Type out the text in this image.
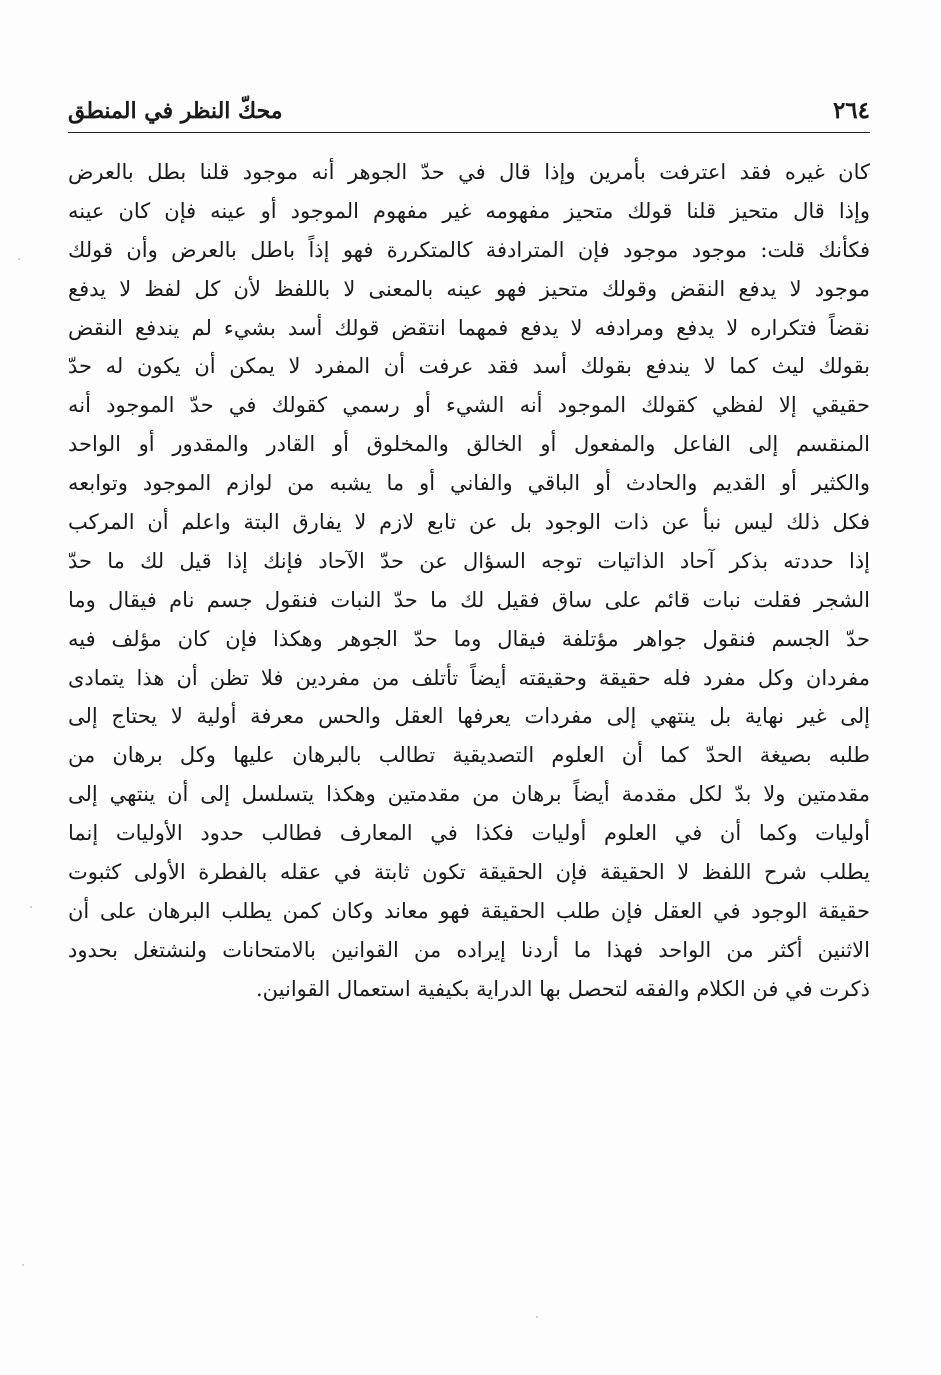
٢٦٤
محكّ النظر في المنطق
كان غيره فقد اعترفت بأمرين وإذا قال في حدّ الجوهر أنه موجود قلنا بطل بالعرض
وإذا قال متحيز قلنا قولك متحيز مفهومه غير مفهوم الموجود أو عينه فإن كان عينه
فكأنك قلت: موجود موجود فإن المترادفة كالمتكررة فهو إذاً باطل بالعرض وأن قولك
موجود لا يدفع النقض وقولك متحيز فهو عينه بالمعنى لا باللفظ لأن كل لفظ لا يدفع
نقضاً فتكراره لا يدفع ومرادفه لا يدفع فمهما انتقض قولك أسد بشيء لم يندفع النقض
بقولك ليث كما لا يندفع بقولك أسد فقد عرفت أن المفرد لا يمكن أن يكون له حدّ
حقيقي إلا لفظي كقولك الموجود أنه الشيء أو رسمي كقولك في حدّ الموجود أنه
المنقسم إلى الفاعل والمفعول أو الخالق والمخلوق أو القادر والمقدور أو الواحد
والكثير أو القديم والحادث أو الباقي والفاني أو ما يشبه من لوازم الموجود وتوابعه
فكل ذلك ليس نبأ عن ذات الوجود بل عن تابع لازم لا يفارق البتة واعلم أن المركب
إذا حددته بذكر آحاد الذاتيات توجه السؤال عن حدّ الآحاد فإنك إذا قيل لك ما حدّ
الشجر فقلت نبات قائم على ساق فقيل لك ما حدّ النبات فنقول جسم نام فيقال وما
حدّ الجسم فنقول جواهر مؤتلفة فيقال وما حدّ الجوهر وهكذا فإن كان مؤلف فيه
مفردان وكل مفرد فله حقيقة وحقيقته أيضاً تأتلف من مفردين فلا تظن أن هذا يتمادى
إلى غير نهاية بل ينتهي إلى مفردات يعرفها العقل والحس معرفة أولية لا يحتاج إلى
طلبه بصيغة الحدّ كما أن العلوم التصديقية تطالب بالبرهان عليها وكل برهان من
مقدمتين ولا بدّ لكل مقدمة أيضاً برهان من مقدمتين وهكذا يتسلسل إلى أن ينتهي إلى
أوليات وكما أن في العلوم أوليات فكذا في المعارف فطالب حدود الأوليات إنما
يطلب شرح اللفظ لا الحقيقة فإن الحقيقة تكون ثابتة في عقله بالفطرة الأولى كثبوت
حقيقة الوجود في العقل فإن طلب الحقيقة فهو معاند وكان كمن يطلب البرهان على أن
الاثنين أكثر من الواحد فهذا ما أردنا إيراده من القوانين بالامتحانات ولنشتغل بحدود
ذكرت في فن الكلام والفقه لتحصل بها الدراية بكيفية استعمال القوانين.
